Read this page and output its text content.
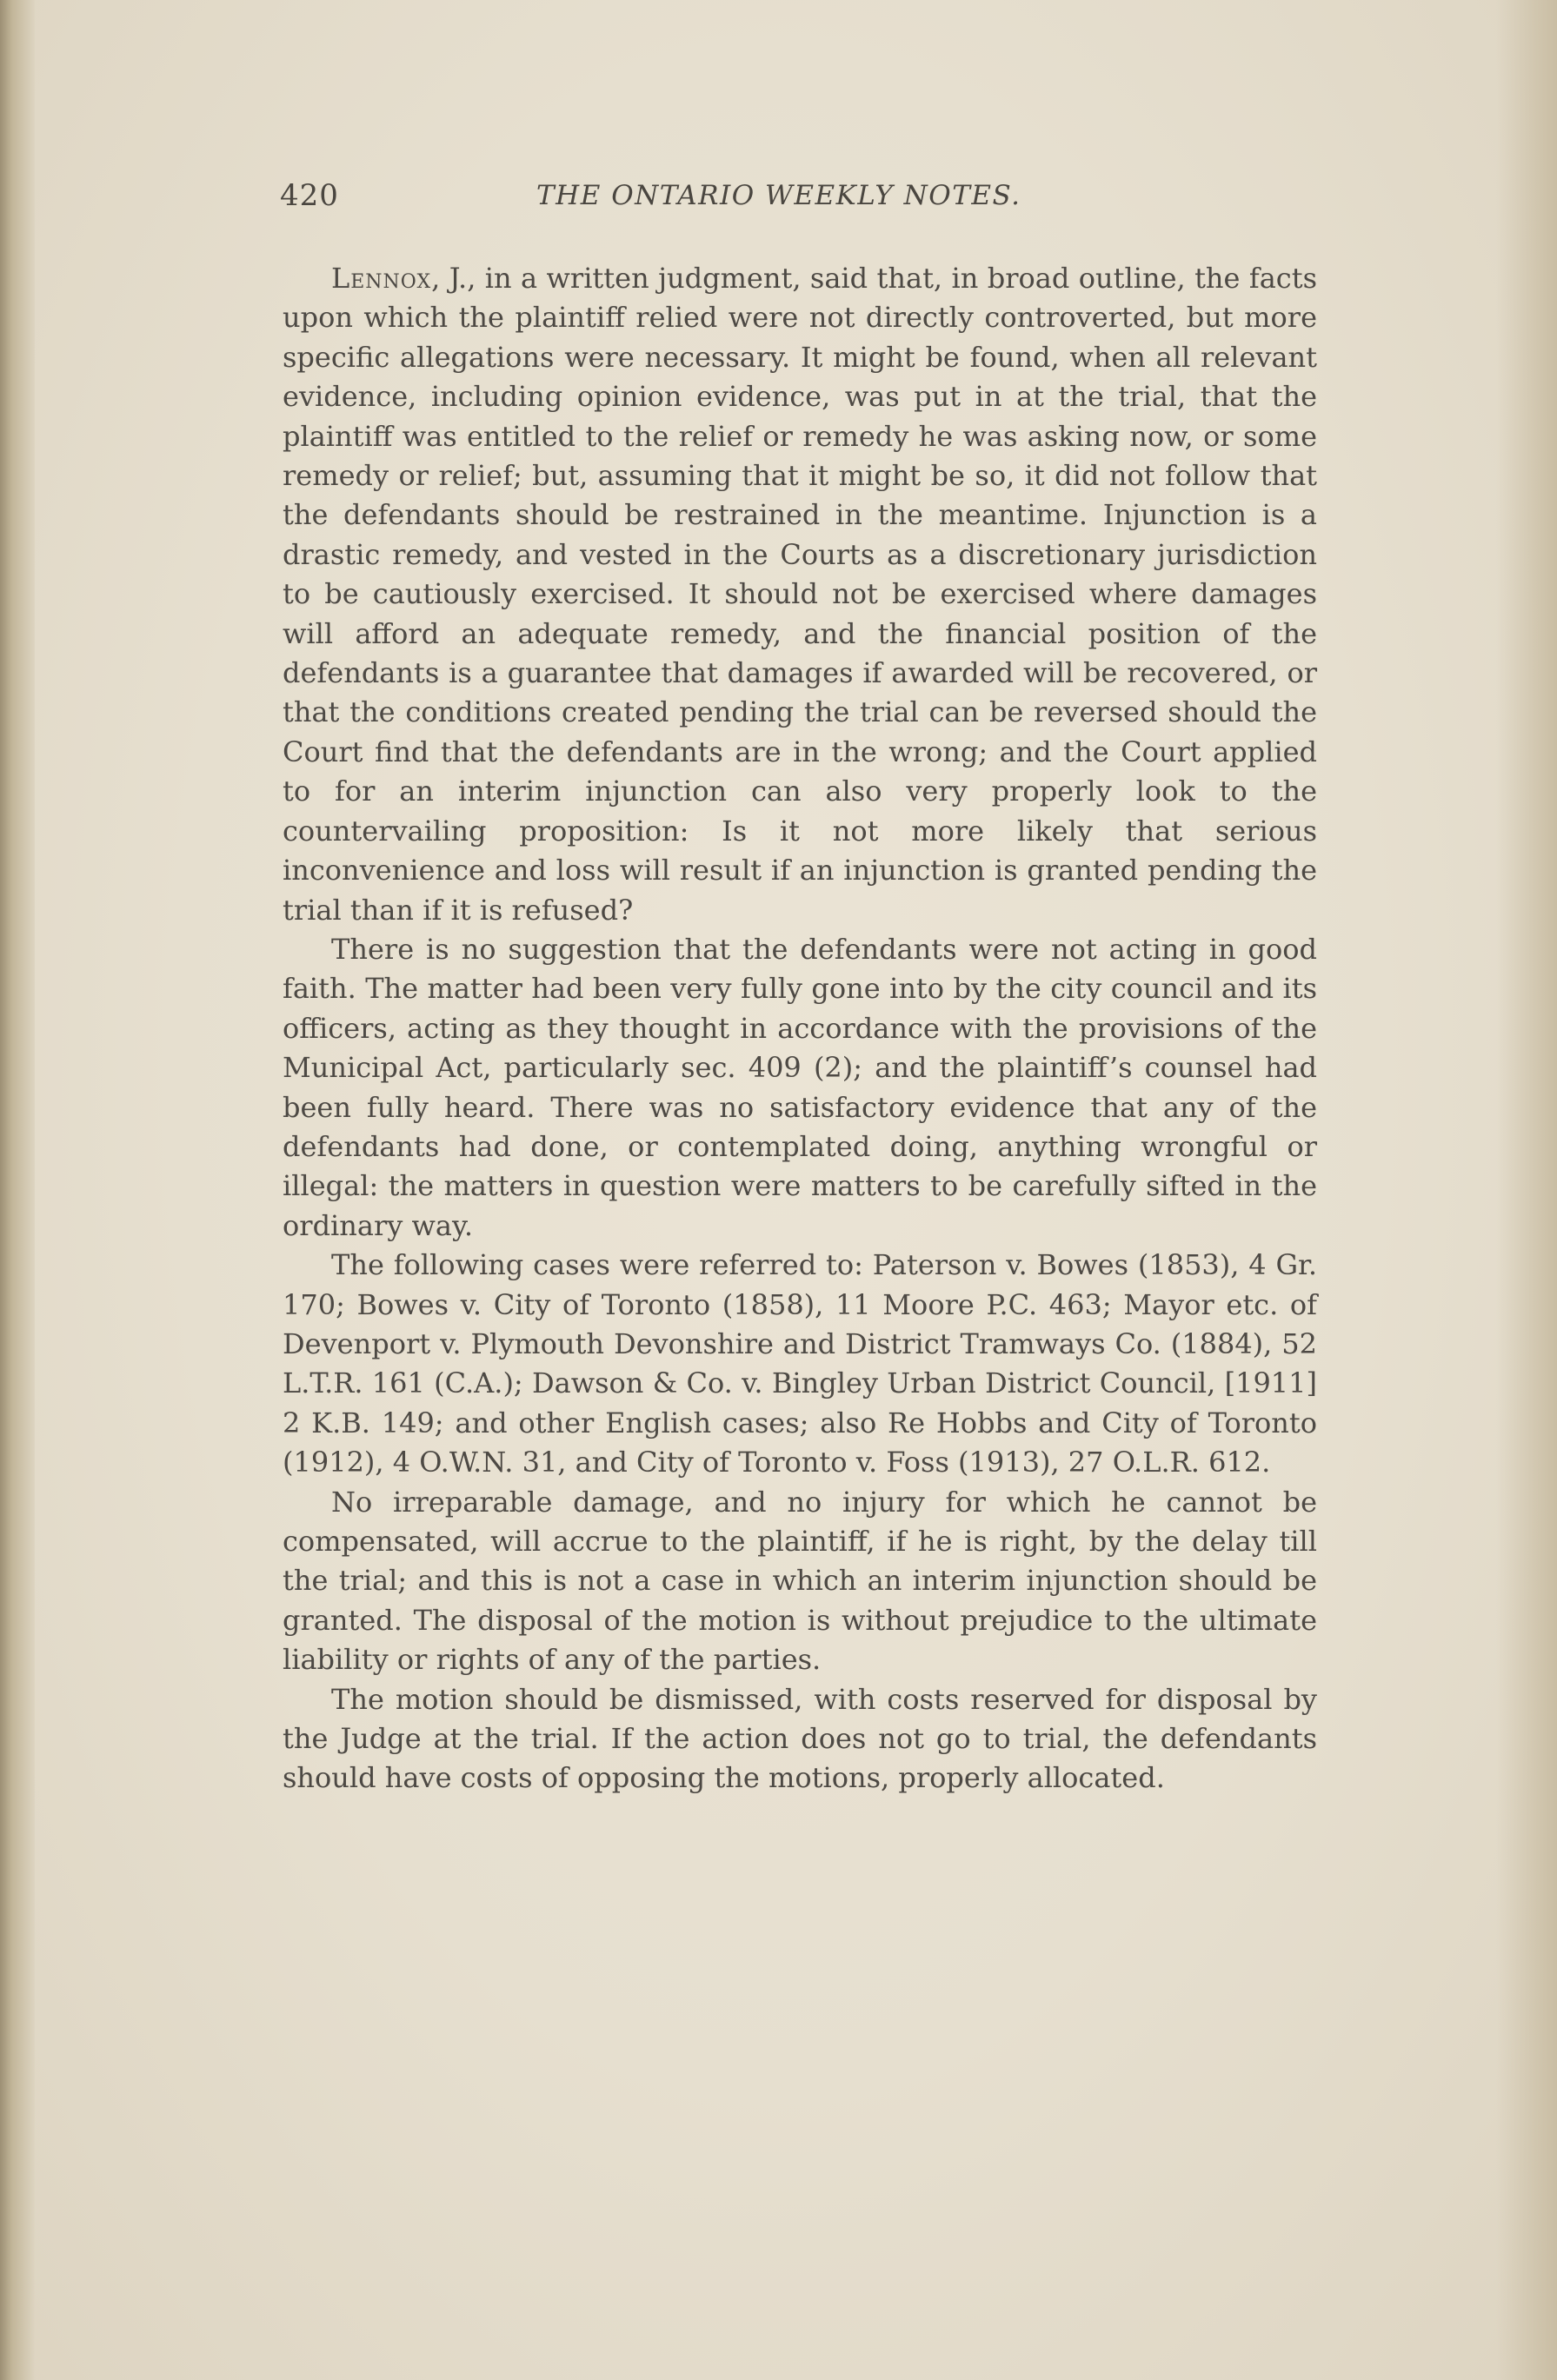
420	THE ONTARIO WEEKLY NOTES.

Lennox, J., in a written judgment, said that, in broad outline, the facts upon which the plaintiff relied were not directly controverted, but more specific allegations were necessary. It might be found, when all relevant evidence, including opinion evidence, was put in at the trial, that the plaintiff was entitled to the relief or remedy he was asking now, or some remedy or relief; but, assuming that it might be so, it did not follow that the defendants should be restrained in the meantime. Injunction is a drastic remedy, and vested in the Courts as a discretionary jurisdiction to be cautiously exercised. It should not be exercised where damages will afford an adequate remedy, and the financial position of the defendants is a guarantee that damages if awarded will be recovered, or that the conditions created pending the trial can be reversed should the Court find that the defendants are in the wrong; and the Court applied to for an interim injunction can also very properly look to the countervailing proposition: Is it not more likely that serious inconvenience and loss will result if an injunction is granted pending the trial than if it is refused?

There is no suggestion that the defendants were not acting in good faith. The matter had been very fully gone into by the city council and its officers, acting as they thought in accordance with the provisions of the Municipal Act, particularly sec. 409 (2); and the plaintiff’s counsel had been fully heard. There was no satisfactory evidence that any of the defendants had done, or contemplated doing, anything wrongful or illegal: the matters in question were matters to be carefully sifted in the ordinary way.

The following cases were referred to: Paterson v. Bowes (1853), 4 Gr. 170; Bowes v. City of Toronto (1858), 11 Moore P.C. 463; Mayor etc. of Devenport v. Plymouth Devonshire and District Tramways Co. (1884), 52 L.T.R. 161 (C.A.); Dawson & Co. v. Bingley Urban District Council, [1911] 2 K.B. 149; and other English cases; also Re Hobbs and City of Toronto (1912), 4 O.W.N. 31, and City of Toronto v. Foss (1913), 27 O.L.R. 612.

No irreparable damage, and no injury for which he cannot be compensated, will accrue to the plaintiff, if he is right, by the delay till the trial; and this is not a case in which an interim injunction should be granted. The disposal of the motion is without prejudice to the ultimate liability or rights of any of the parties.

The motion should be dismissed, with costs reserved for disposal by the Judge at the trial. If the action does not go to trial, the defendants should have costs of opposing the motions, properly allocated.
